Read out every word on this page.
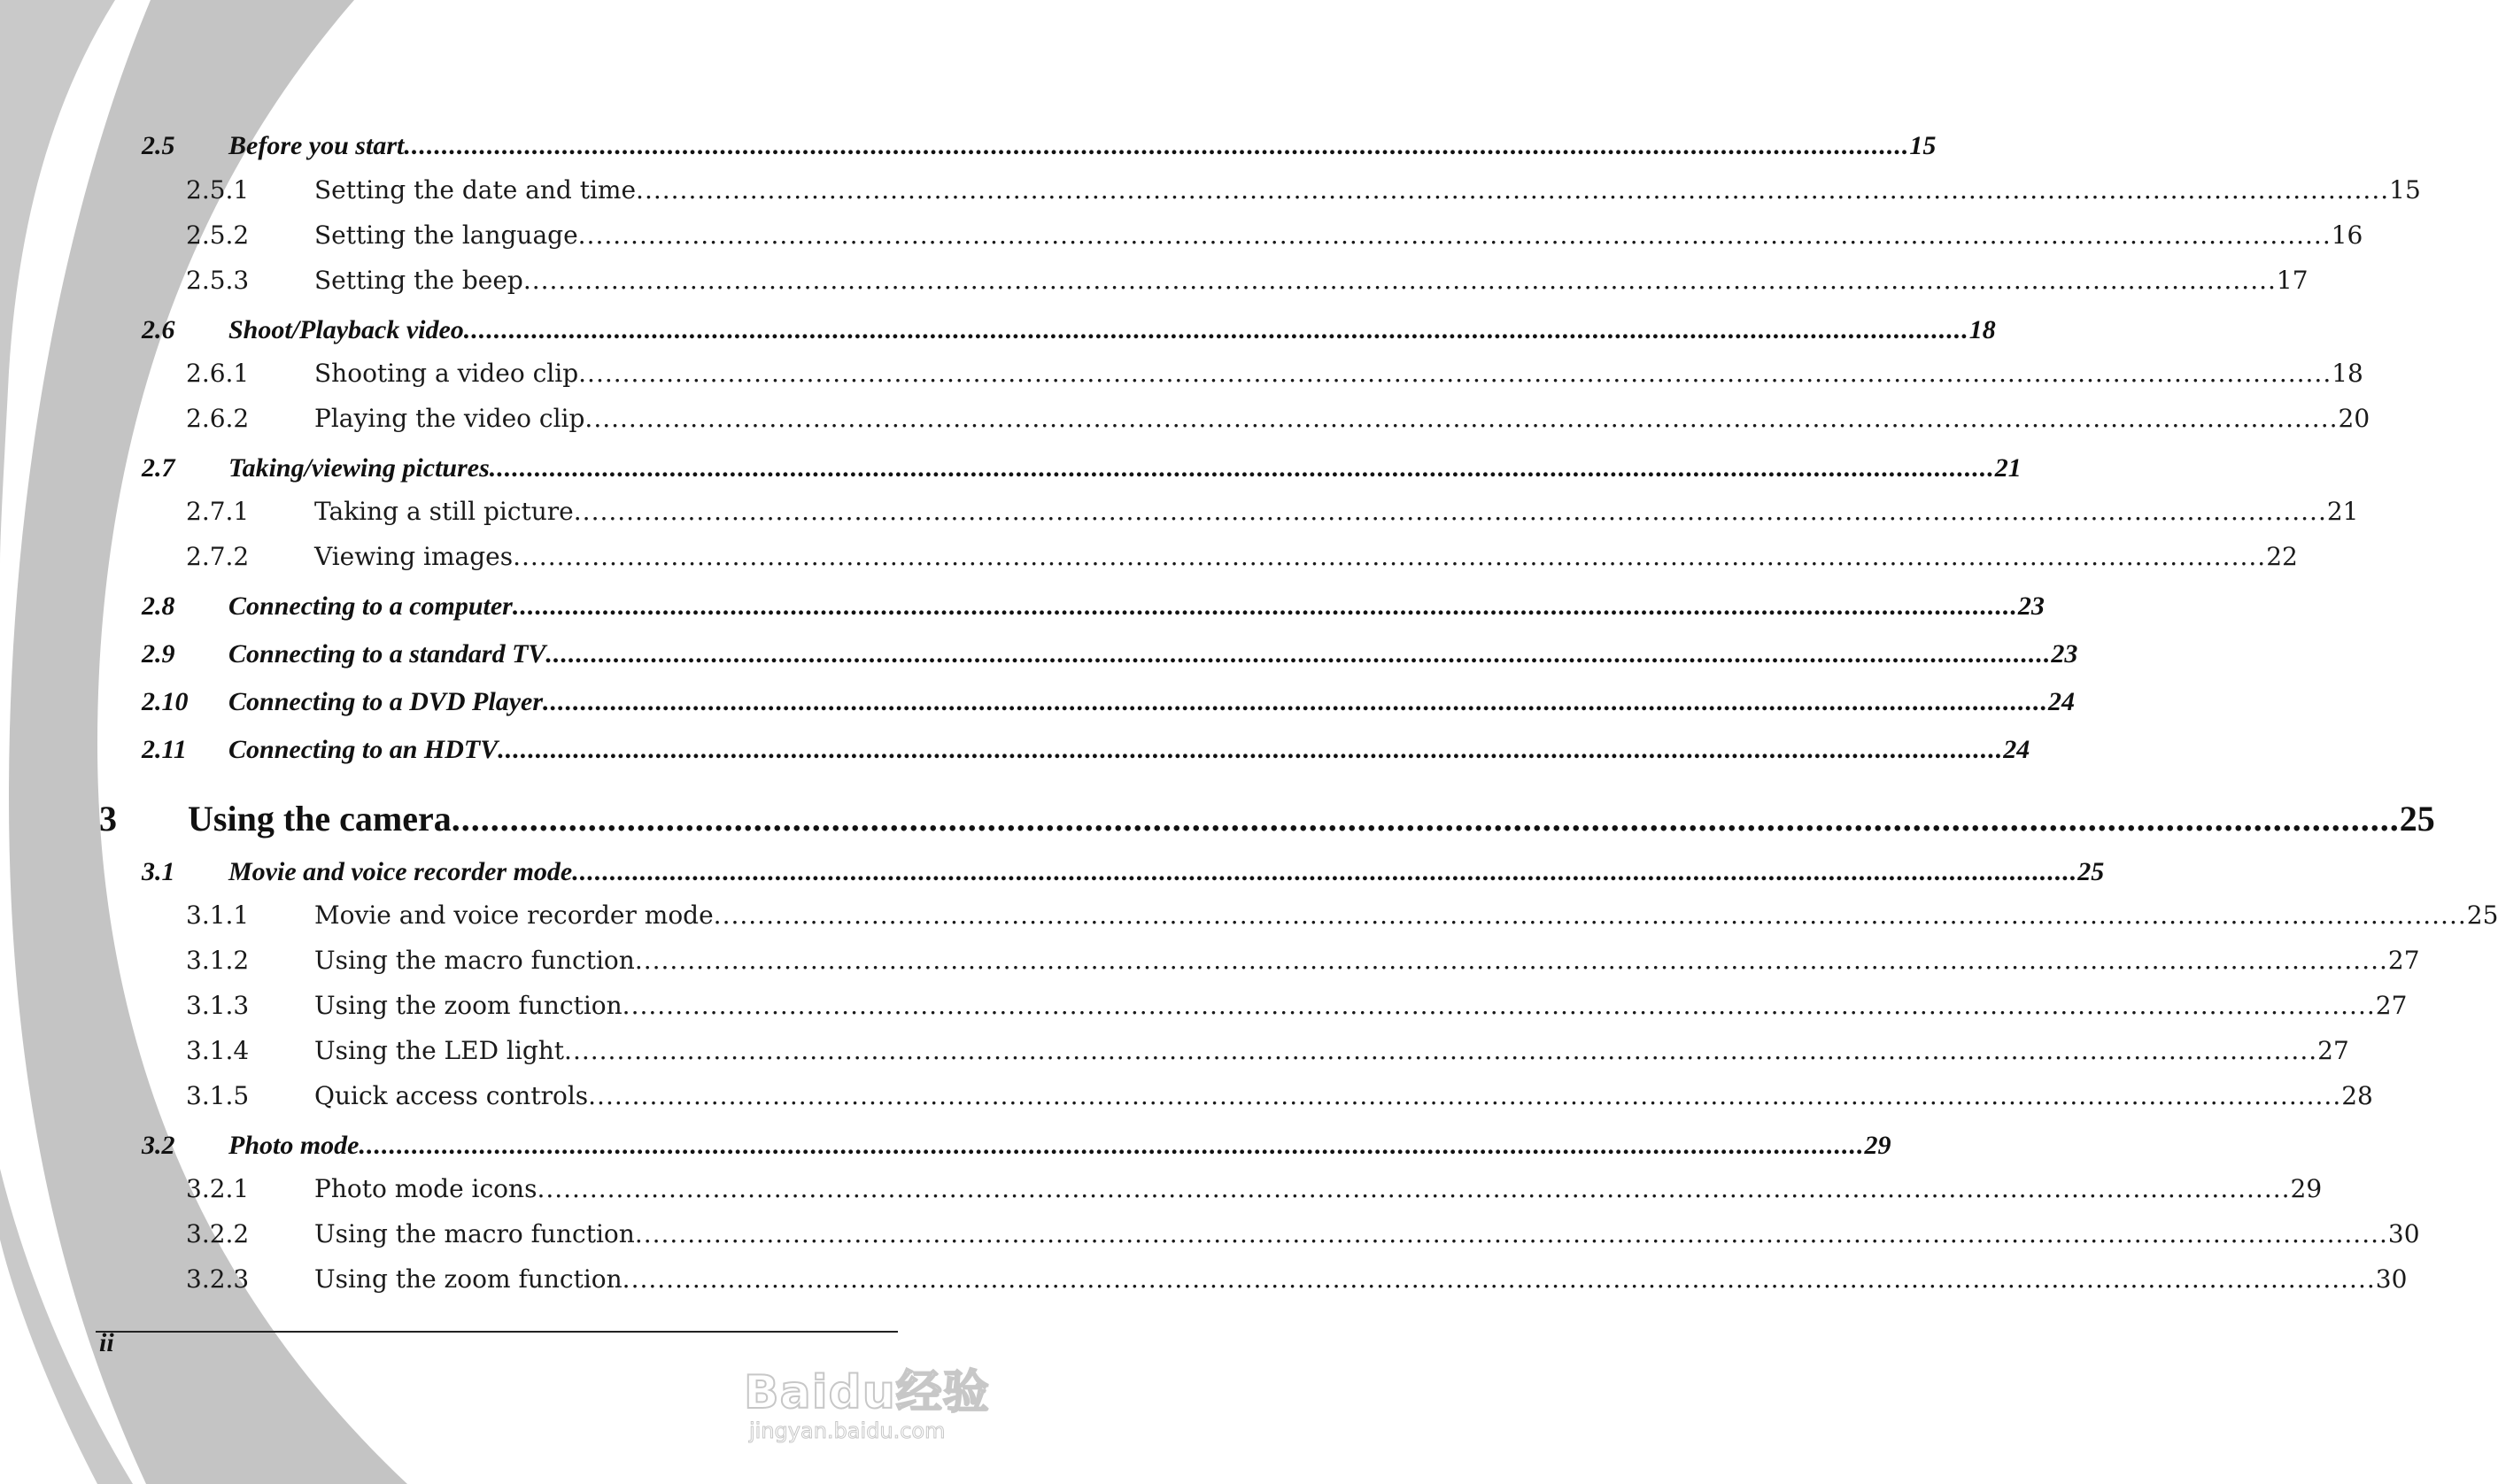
2.5	Before you start ........................................................................................................................................................................................................ 15
2.5.1	Setting the date and time ........................................................................................................................................................................................................ 15
2.5.2	Setting the language ........................................................................................................................................................................................................ 16
2.5.3	Setting the beep ........................................................................................................................................................................................................ 17
2.6	Shoot/Playback video ........................................................................................................................................................................................................ 18
2.6.1	Shooting a video clip ........................................................................................................................................................................................................ 18
2.6.2	Playing the video clip ........................................................................................................................................................................................................ 20
2.7	Taking/viewing pictures ........................................................................................................................................................................................................ 21
2.7.1	Taking a still picture ........................................................................................................................................................................................................ 21
2.7.2	Viewing images ........................................................................................................................................................................................................ 22
2.8	Connecting to a computer ........................................................................................................................................................................................................ 23
2.9	Connecting to a standard TV ........................................................................................................................................................................................................ 23
2.10	Connecting to a DVD Player ........................................................................................................................................................................................................ 24
2.11	Connecting to an HDTV ........................................................................................................................................................................................................ 24
3	Using the camera ........................................................................................................................................................................................................ 25
3.1	Movie and voice recorder mode ........................................................................................................................................................................................................ 25
3.1.1	Movie and voice recorder mode ........................................................................................................................................................................................................ 25
3.1.2	Using the macro function ........................................................................................................................................................................................................ 27
3.1.3	Using the zoom function ........................................................................................................................................................................................................ 27
3.1.4	Using the LED light ........................................................................................................................................................................................................ 27
3.1.5	Quick access controls ........................................................................................................................................................................................................ 28
3.2	Photo mode ........................................................................................................................................................................................................ 29
3.2.1	Photo mode icons ........................................................................................................................................................................................................ 29
3.2.2	Using the macro function ........................................................................................................................................................................................................ 30
3.2.3	Using the zoom function ........................................................................................................................................................................................................ 30
ii
Baidu经验
jingyan.baidu.com
